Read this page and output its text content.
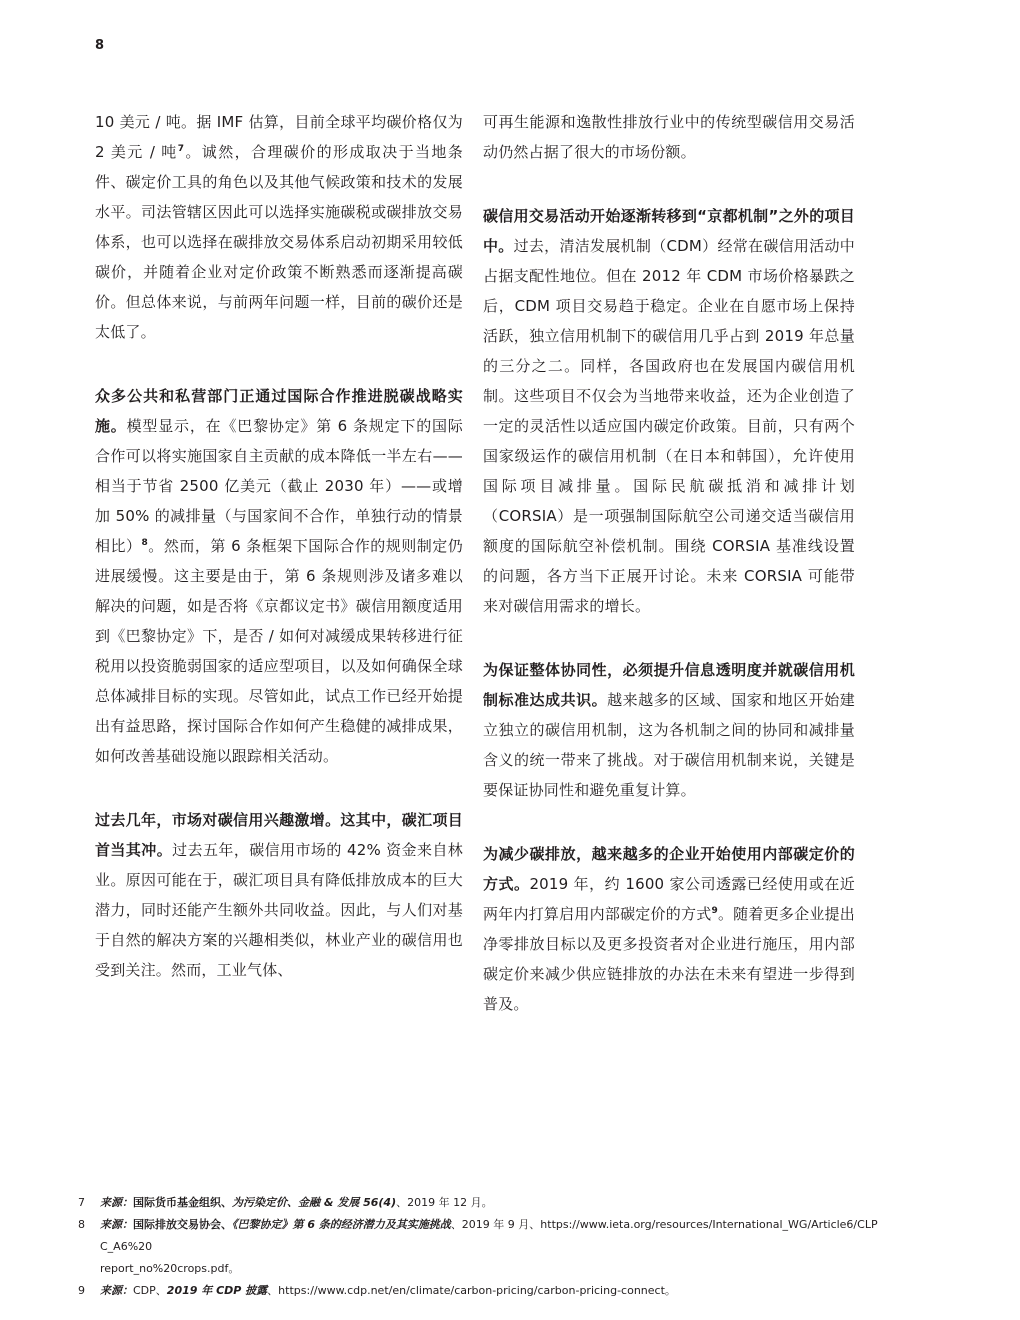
8

10 美元 / 吨。据 IMF 估算，目前全球平均碳价格仅为 2 美元 / 吨$^7$。诚然，合理碳价的形成取决于当地条件、碳定价工具的角色以及其他气候政策和技术的发展水平。司法管辖区因此可以选择实施碳税或碳排放交易体系，也可以选择在碳排放交易体系启动初期采用较低碳价，并随着企业对定价政策不断熟悉而逐渐提高碳价。但总体来说，与前两年问题一样，目前的碳价还是太低了。

众多公共和私营部门正通过国际合作推进脱碳战略实施。模型显示，在《巴黎协定》第 6 条规定下的国际合作可以将实施国家自主贡献的成本降低一半左右——相当于节省 2500 亿美元（截止 2030 年）——或增加 50% 的减排量（与国家间不合作，单独行动的情景相比）$^8$。然而，第 6 条框架下国际合作的规则制定仍进展缓慢。这主要是由于，第 6 条规则涉及诸多难以解决的问题，如是否将《京都议定书》碳信用额度适用到《巴黎协定》下，是否 / 如何对减缓成果转移进行征税用以投资脆弱国家的适应型项目，以及如何确保全球总体减排目标的实现。尽管如此，试点工作已经开始提出有益思路，探讨国际合作如何产生稳健的减排成果，如何改善基础设施以跟踪相关活动。

过去几年，市场对碳信用兴趣激增。这其中，碳汇项目首当其冲。过去五年，碳信用市场的 42% 资金来自林业。原因可能在于，碳汇项目具有降低排放成本的巨大潜力，同时还能产生额外共同收益。因此，与人们对基于自然的解决方案的兴趣相类似，林业产业的碳信用也受到关注。然而，工业气体、

可再生能源和逸散性排放行业中的传统型碳信用交易活动仍然占据了很大的市场份额。

碳信用交易活动开始逐渐转移到“京都机制”之外的项目中。过去，清洁发展机制（CDM）经常在碳信用活动中占据支配性地位。但在 2012 年 CDM 市场价格暴跌之后，CDM 项目交易趋于稳定。企业在自愿市场上保持活跃，独立信用机制下的碳信用几乎占到 2019 年总量的三分之二。同样，各国政府也在发展国内碳信用机制。这些项目不仅会为当地带来收益，还为企业创造了一定的灵活性以适应国内碳定价政策。目前，只有两个国家级运作的碳信用机制（在日本和韩国），允许使用国际项目减排量。国际民航碳抵消和减排计划（CORSIA）是一项强制国际航空公司递交适当碳信用额度的国际航空补偿机制。围绕 CORSIA 基准线设置的问题，各方当下正展开讨论。未来 CORSIA 可能带来对碳信用需求的增长。

为保证整体协同性，必须提升信息透明度并就碳信用机制标准达成共识。越来越多的区域、国家和地区开始建立独立的碳信用机制，这为各机制之间的协同和减排量含义的统一带来了挑战。对于碳信用机制来说，关键是要保证协同性和避免重复计算。

为减少碳排放，越来越多的企业开始使用内部碳定价的方式。2019 年，约 1600 家公司透露已经使用或在近两年内打算启用内部碳定价的方式$^9$。随着更多企业提出净零排放目标以及更多投资者对企业进行施压，用内部碳定价来减少供应链排放的办法在未来有望进一步得到普及。

7	来源：国际货币基金组织、为污染定价、金融 & 发展 56(4)、2019 年 12 月。
8	来源：国际排放交易协会、《巴黎协定》第 6 条的经济潜力及其实施挑战、2019 年 9 月、https://www.ieta.org/resources/International_WG/Article6/CLPC_A6%20
report_no%20crops.pdf。
9	来源：CDP、2019 年 CDP 披露、https://www.cdp.net/en/climate/carbon-pricing/carbon-pricing-connect。
